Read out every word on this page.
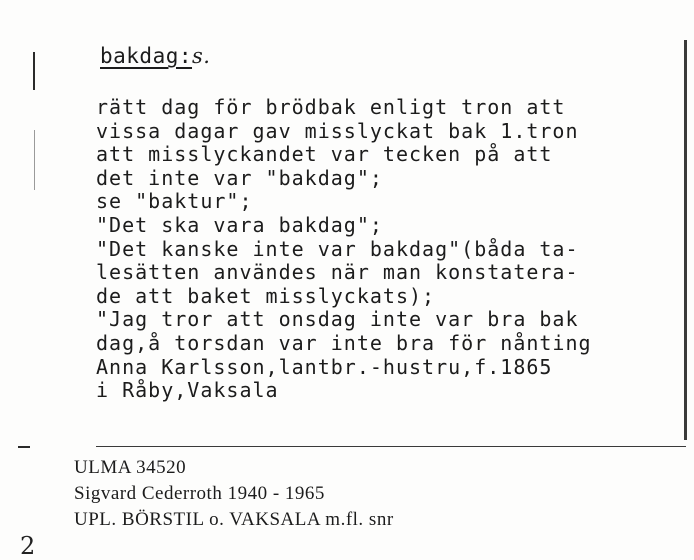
bakdag:s.
rätt dag för brödbak enligt tron att
vissa dagar gav misslyckat bak 1.tron
att misslyckandet var tecken på att
det inte var "bakdag";
se "baktur";
"Det ska vara bakdag";
"Det kanske inte var bakdag"(båda ta-
lesätten användes när man konstatera-
de att baket misslyckats);
"Jag tror att onsdag inte var bra bak
dag,å torsdan var inte bra för nånting
Anna Karlsson,lantbr.-hustru,f.1865
i Råby,Vaksala
ULMA 34520
Sigvard Cederroth 1940 - 1965
UPL. BÖRSTIL o. VAKSALA m.fl. snr
2
